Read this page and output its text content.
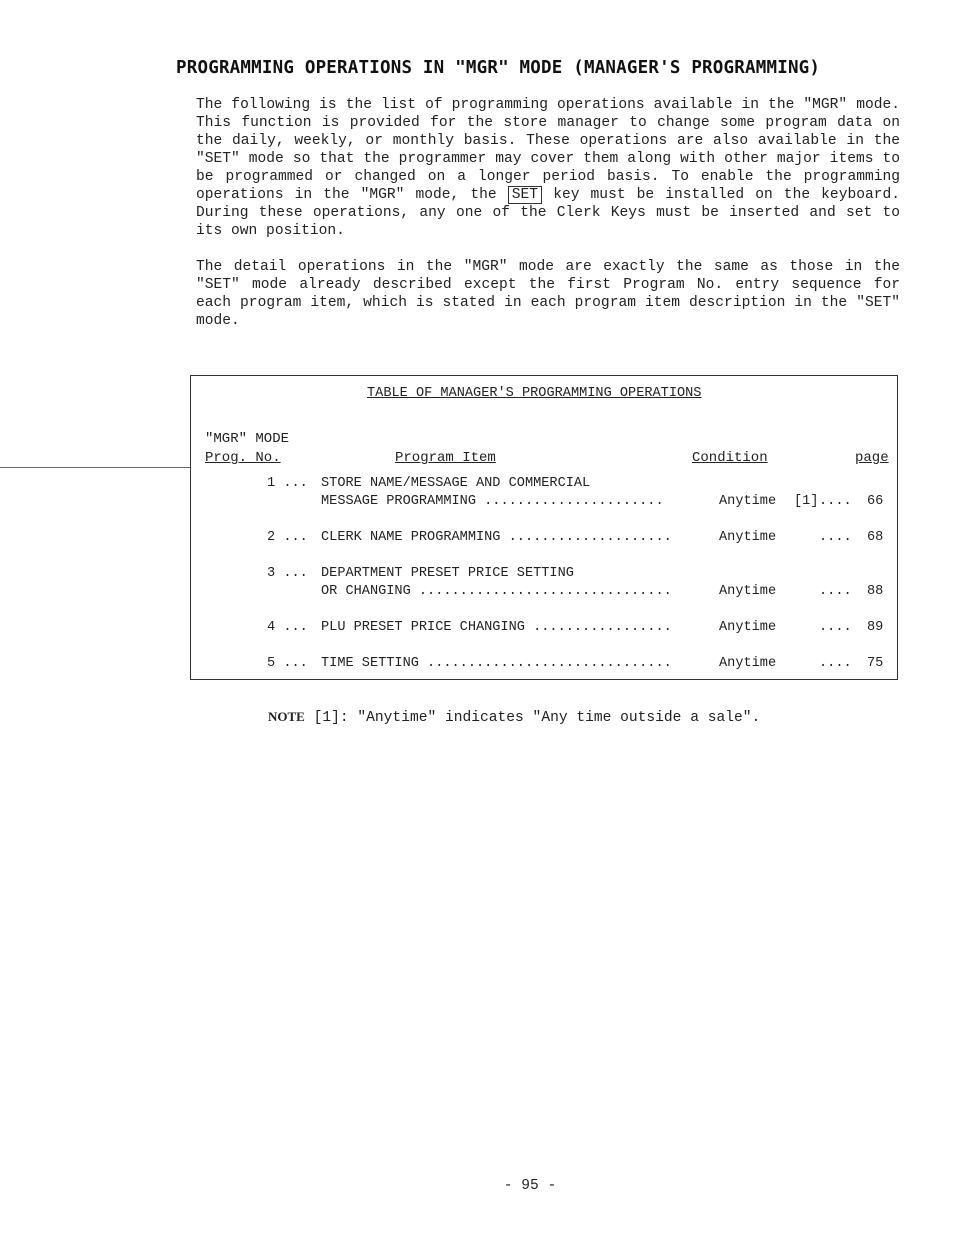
PROGRAMMING OPERATIONS IN "MGR" MODE (MANAGER'S PROGRAMMING)

The following is the list of programming operations available in the "MGR" mode. This function is provided for the store manager to change some program data on the daily, weekly, or monthly basis. These operations are also available in the "SET" mode so that the programmer may cover them along with other major items to be programmed or changed on a longer period basis. To enable the programming operations in the "MGR" mode, the SET key must be installed on the keyboard. During these operations, any one of the Clerk Keys must be inserted and set to its own position.

The detail operations in the "MGR" mode are exactly the same as those in the "SET" mode already described except the first Program No. entry sequence for each program item, which is stated in each program item description in the "SET" mode.

TABLE OF MANAGER'S PROGRAMMING OPERATIONS
"MGR" MODE
Prog. No.	Program Item	Condition	page
1 ... STORE NAME/MESSAGE AND COMMERCIAL
MESSAGE PROGRAMMING ......................	Anytime [1] .... 66
2 ... CLERK NAME PROGRAMMING ....................	Anytime	.... 68
3 ... DEPARTMENT PRESET PRICE SETTING
OR CHANGING ...............................	Anytime	.... 88
4 ... PLU PRESET PRICE CHANGING .................	Anytime	.... 89
5 ... TIME SETTING ..............................	Anytime	.... 75
NOTE [1]: "Anytime" indicates "Any time outside a sale".
- 95 -
